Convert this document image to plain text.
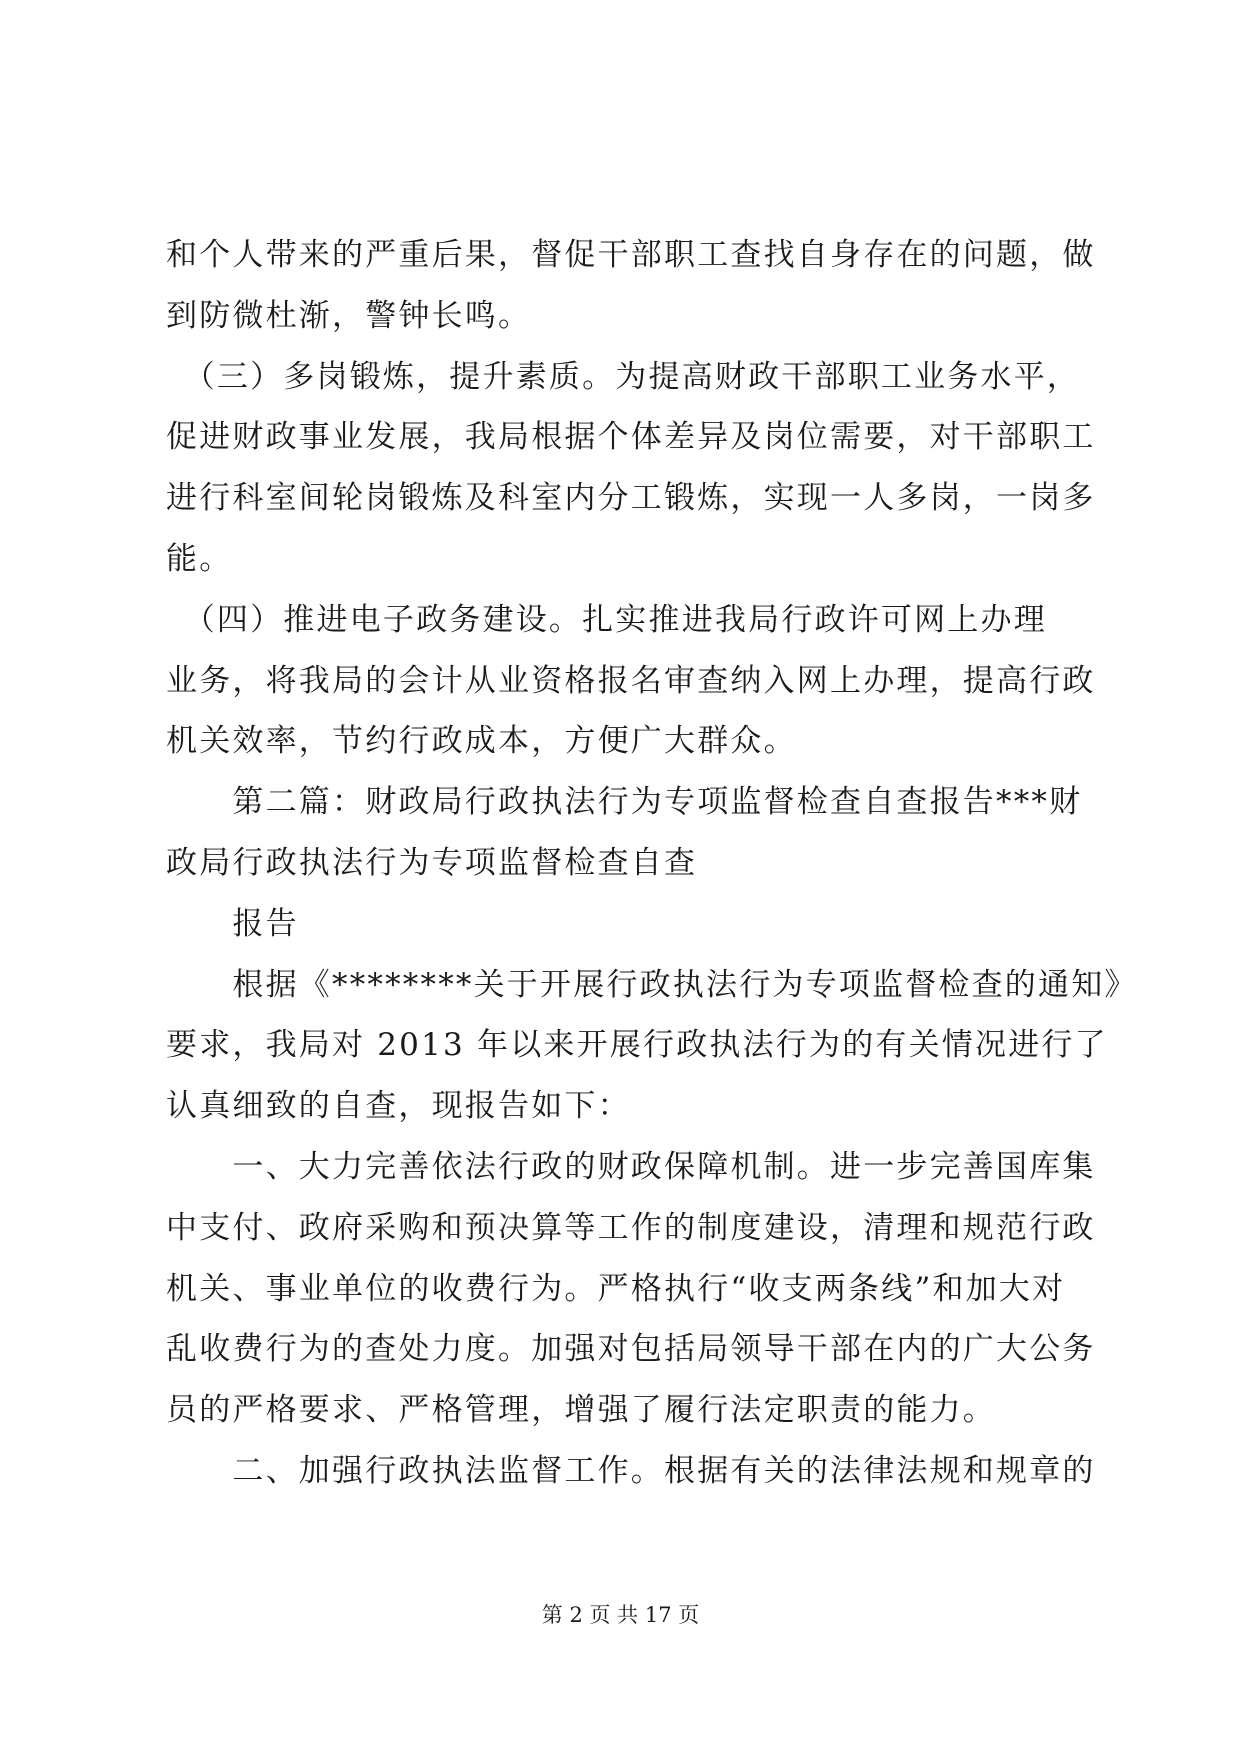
和个人带来的严重后果，督促干部职工查找自身存在的问题，做
到防微杜渐，警钟长鸣。
　（三）多岗锻炼，提升素质。为提高财政干部职工业务水平，
促进财政事业发展，我局根据个体差异及岗位需要，对干部职工
进行科室间轮岗锻炼及科室内分工锻炼，实现一人多岗，一岗多
能。
　（四）推进电子政务建设。扎实推进我局行政许可网上办理
业务，将我局的会计从业资格报名审查纳入网上办理，提高行政
机关效率，节约行政成本，方便广大群众。
　　第二篇：财政局行政执法行为专项监督检查自查报告***财
政局行政执法行为专项监督检查自查
　　报告
　　根据《********关于开展行政执法行为专项监督检查的通知》
要求，我局对 2013 年以来开展行政执法行为的有关情况进行了
认真细致的自查，现报告如下：
　　一、大力完善依法行政的财政保障机制。进一步完善国库集
中支付、政府采购和预决算等工作的制度建设，清理和规范行政
机关、事业单位的收费行为。严格执行“收支两条线”和加大对
乱收费行为的查处力度。加强对包括局领导干部在内的广大公务
员的严格要求、严格管理，增强了履行法定职责的能力。
　　二、加强行政执法监督工作。根据有关的法律法规和规章的
第 2 页 共 17 页
